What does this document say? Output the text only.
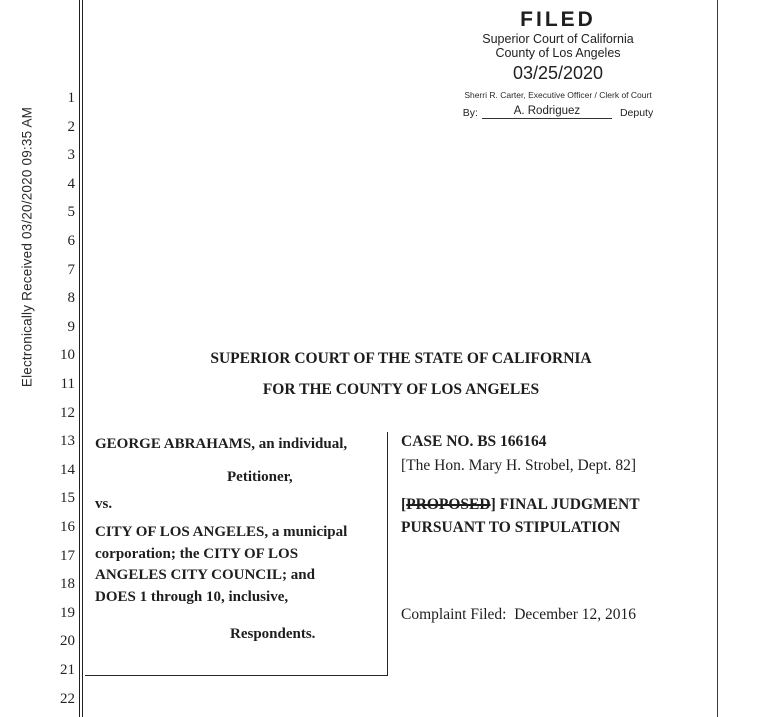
Electronically Received 03/20/2020 09:35 AM
1
2
3
4
5
6
7
8
9
10
11
12
13
14
15
16
17
18
19
20
21
22
FILED
Superior Court of California
County of Los Angeles
03/25/2020
Sherri R. Carter, Executive Officer / Clerk of Court
By:	A. Rodriguez	Deputy
SUPERIOR COURT OF THE STATE OF CALIFORNIA
FOR THE COUNTY OF LOS ANGELES
GEORGE ABRAHAMS, an individual,
Petitioner,
vs.
CITY OF LOS ANGELES, a municipal
corporation; the CITY OF LOS
ANGELES CITY COUNCIL; and
DOES 1 through 10, inclusive,
Respondents.
CASE NO. BS 166164
[The Hon. Mary H. Strobel, Dept. 82]
[PROPOSED] FINAL JUDGMENT
PURSUANT TO STIPULATION
Complaint Filed:  December 12, 2016
